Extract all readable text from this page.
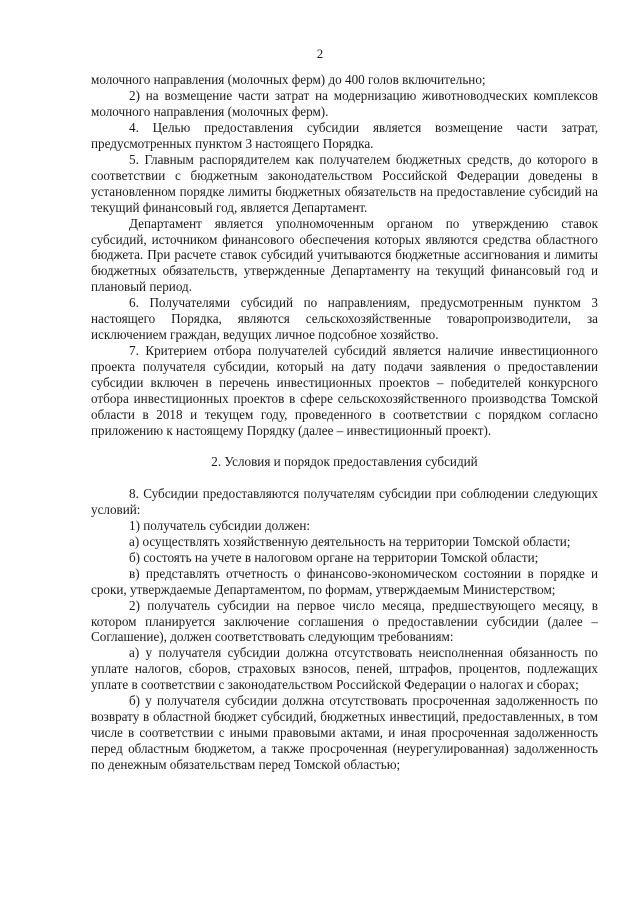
2

молочного направления (молочных ферм) до 400 голов включительно;

2) на возмещение части затрат на модернизацию животноводческих комплексов молочного направления (молочных ферм).

4. Целью предоставления субсидии является возмещение части затрат, предусмотренных пунктом 3 настоящего Порядка.

5. Главным распорядителем как получателем бюджетных средств, до которого в соответствии с бюджетным законодательством Российской Федерации доведены в установленном порядке лимиты бюджетных обязательств на предоставление субсидий на текущий финансовый год, является Департамент.

Департамент является уполномоченным органом по утверждению ставок субсидий, источником финансового обеспечения которых являются средства областного бюджета. При расчете ставок субсидий учитываются бюджетные ассигнования и лимиты бюджетных обязательств, утвержденные Департаменту на текущий финансовый год и плановый период.

6. Получателями субсидий по направлениям, предусмотренным пунктом 3 настоящего Порядка, являются сельскохозяйственные товаропроизводители, за исключением граждан, ведущих личное подсобное хозяйство.

7. Критерием отбора получателей субсидий является наличие инвестиционного проекта получателя субсидии, который на дату подачи заявления о предоставлении субсидии включен в перечень инвестиционных проектов – победителей конкурсного отбора инвестиционных проектов в сфере сельскохозяйственного производства Томской области в 2018 и текущем году, проведенного в соответствии с порядком согласно приложению к настоящему Порядку (далее – инвестиционный проект).

2. Условия и порядок предоставления субсидий

8. Субсидии предоставляются получателям субсидии при соблюдении следующих условий:

1) получатель субсидии должен:

а) осуществлять хозяйственную деятельность на территории Томской области;

б) состоять на учете в налоговом органе на территории Томской области;

в) представлять отчетность о финансово-экономическом состоянии в порядке и сроки, утверждаемые Департаментом, по формам, утверждаемым Министерством;

2) получатель субсидии на первое число месяца, предшествующего месяцу, в котором планируется заключение соглашения о предоставлении субсидии (далее – Соглашение), должен соответствовать следующим требованиям:

а) у получателя субсидии должна отсутствовать неисполненная обязанность по уплате налогов, сборов, страховых взносов, пеней, штрафов, процентов, подлежащих уплате в соответствии с законодательством Российской Федерации о налогах и сборах;

б) у получателя субсидии должна отсутствовать просроченная задолженность по возврату в областной бюджет субсидий, бюджетных инвестиций, предоставленных, в том числе в соответствии с иными правовыми актами, и иная просроченная задолженность перед областным бюджетом, а также просроченная (неурегулированная) задолженность по денежным обязательствам перед Томской областью;
